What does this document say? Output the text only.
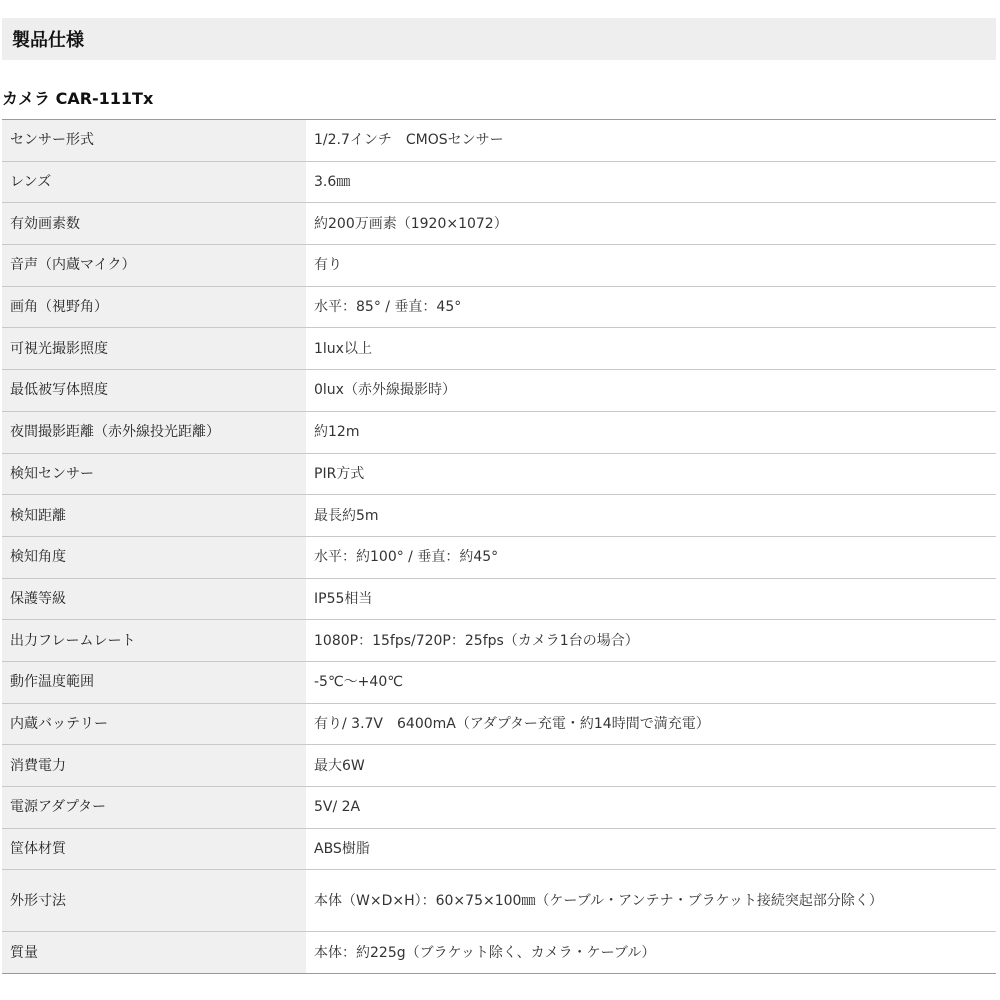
製品仕様
カメラ CAR-111Tx
センサー形式	1/2.7インチ　CMOSセンサー
レンズ	3.6㎜
有効画素数	約200万画素（1920×1072）
音声（内蔵マイク）	有り
画角（視野角）	水平：85° / 垂直：45°
可視光撮影照度	1lux以上
最低被写体照度	0lux（赤外線撮影時）
夜間撮影距離（赤外線投光距離）	約12m
検知センサー	PIR方式
検知距離	最長約5m
検知角度	水平：約100° / 垂直：約45°
保護等級	IP55相当
出力フレームレート	1080P：15fps/720P：25fps（カメラ1台の場合）
動作温度範囲	-5℃～+40℃
内蔵バッテリー	有り/ 3.7V　6400mA（アダプター充電・約14時間で満充電）
消費電力	最大6W
電源アダプター	5V/ 2A
筐体材質	ABS樹脂
外形寸法	本体（W×D×H）：60×75×100㎜（ケーブル・アンテナ・ブラケット接続突起部分除く）
質量	本体：約225g（ブラケット除く、カメラ・ケーブル）
